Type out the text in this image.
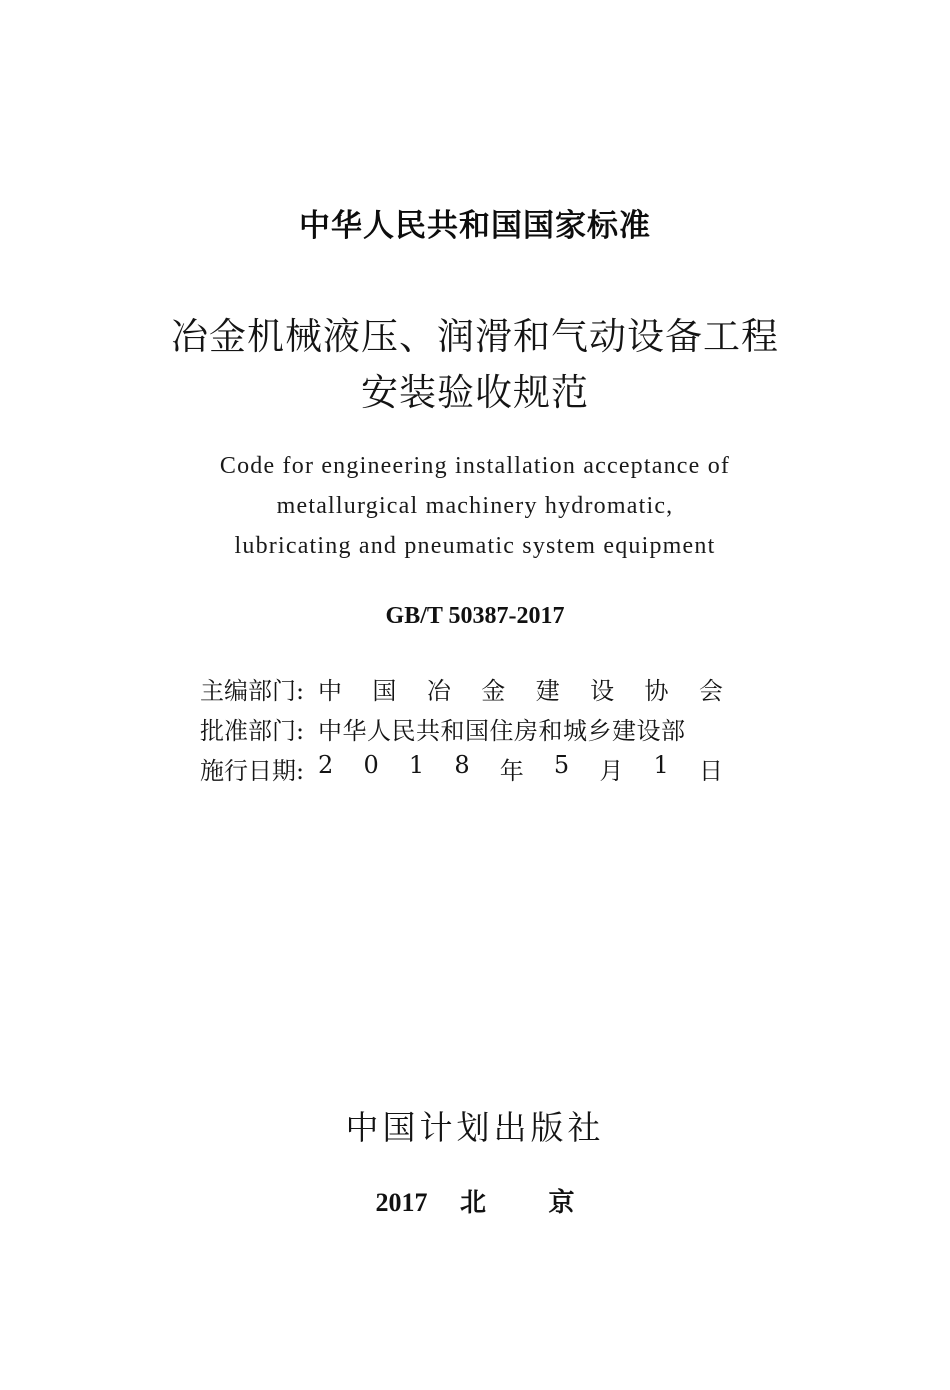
中华人民共和国国家标准
冶金机械液压、润滑和气动设备工程
安装验收规范
Code for engineering installation acceptance of
metallurgical machinery hydromatic,
lubricating and pneumatic system equipment
GB/T 50387-2017
主编部门: 中 国 冶 金 建 设 协 会
批准部门: 中华人民共和国住房和城乡建设部
施行日期: 2 0 1 8 年 5 月 1 日
中国计划出版社
2017 北 京
